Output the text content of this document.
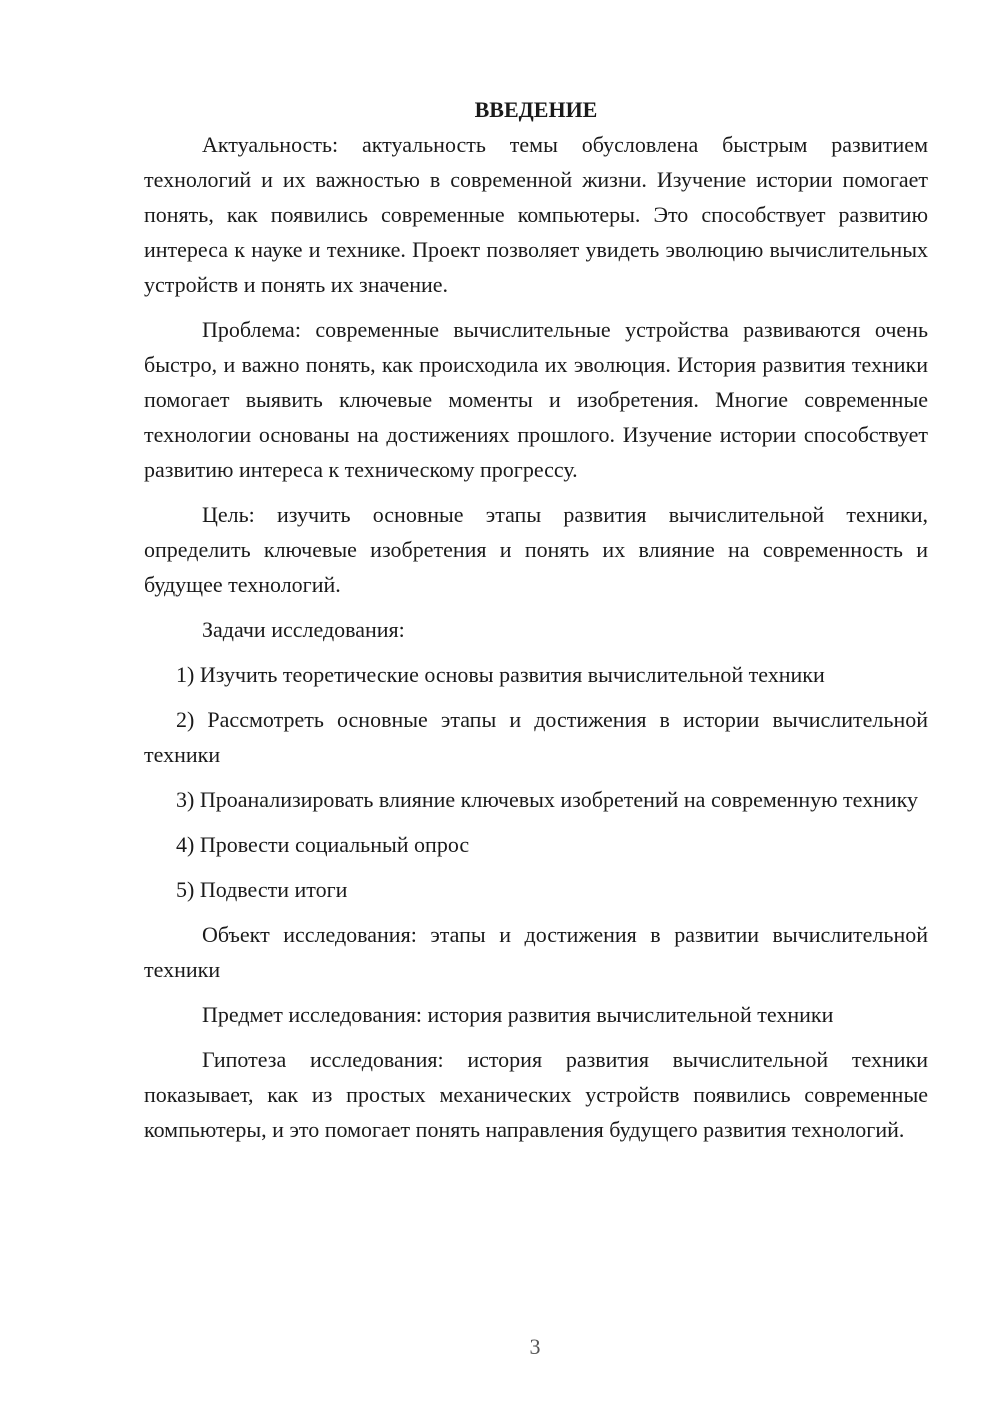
ВВЕДЕНИЕ

Актуальность: актуальность темы обусловлена быстрым развитием технологий и их важностью в современной жизни. Изучение истории помогает понять, как появились современные компьютеры. Это способствует развитию интереса к науке и технике. Проект позволяет увидеть эволюцию вычислительных устройств и понять их значение.

Проблема: современные вычислительные устройства развиваются очень быстро, и важно понять, как происходила их эволюция. История развития техники помогает выявить ключевые моменты и изобретения. Многие современные технологии основаны на достижениях прошлого. Изучение истории способствует развитию интереса к техническому прогрессу.

Цель: изучить основные этапы развития вычислительной техники, определить ключевые изобретения и понять их влияние на современность и будущее технологий.

Задачи исследования:

1) Изучить теоретические основы развития вычислительной техники

2) Рассмотреть основные этапы и достижения в истории вычислительной техники

3) Проанализировать влияние ключевых изобретений на современную технику

4) Провести социальный опрос

5) Подвести итоги

Объект исследования: этапы и достижения в развитии вычислительной техники

Предмет исследования: история развития вычислительной техники

Гипотеза исследования: история развития вычислительной техники показывает, как из простых механических устройств появились современные компьютеры, и это помогает понять направления будущего развития технологий.

3
